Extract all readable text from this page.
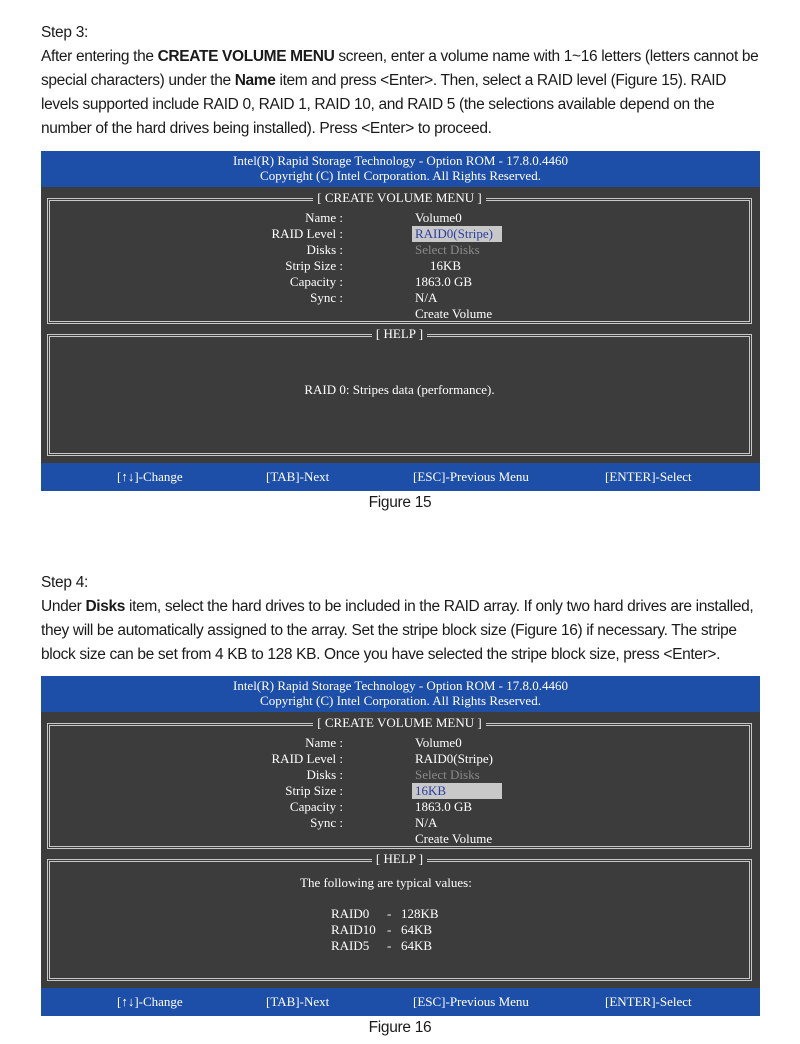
Step 3:
After entering the CREATE VOLUME MENU screen, enter a volume name with 1~16 letters (letters cannot be special characters) under the Name item and press <Enter>. Then, select a RAID level (Figure 15). RAID levels supported include RAID 0, RAID 1, RAID 10, and RAID 5 (the selections available depend on the number of the hard drives being installed). Press <Enter> to proceed.
Intel(R) Rapid Storage Technology - Option ROM - 17.8.0.4460
Copyright (C) Intel Corporation. All Rights Reserved.
[ CREATE VOLUME MENU ]
Name :	Volume0
RAID Level :	RAID0(Stripe)
Disks :	Select Disks
Strip Size :	16KB
Capacity :	1863.0 GB
Sync :	N/A
Create Volume
[ HELP ]
RAID 0: Stripes data (performance).
[↑↓]-Change	[TAB]-Next	[ESC]-Previous Menu	[ENTER]-Select
Figure 15
Step 4:
Under Disks item, select the hard drives to be included in the RAID array. If only two hard drives are installed, they will be automatically assigned to the array. Set the stripe block size (Figure 16) if necessary. The stripe block size can be set from 4 KB to 128 KB. Once you have selected the stripe block size, press <Enter>.
Intel(R) Rapid Storage Technology - Option ROM - 17.8.0.4460
Copyright (C) Intel Corporation. All Rights Reserved.
[ CREATE VOLUME MENU ]
Name :	Volume0
RAID Level :	RAID0(Stripe)
Disks :	Select Disks
Strip Size :	16KB
Capacity :	1863.0 GB
Sync :	N/A
Create Volume
[ HELP ]
The following are typical values:
RAID0 - 128KB
RAID10 - 64KB
RAID5 - 64KB
[↑↓]-Change	[TAB]-Next	[ESC]-Previous Menu	[ENTER]-Select
Figure 16
